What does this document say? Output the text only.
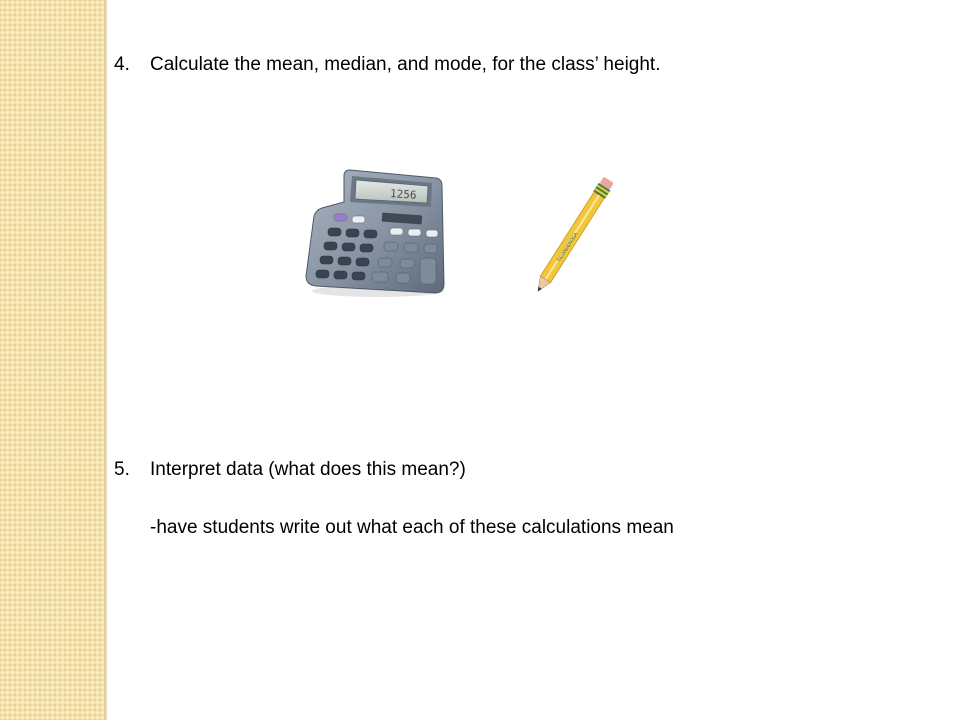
4. Calculate the mean, median, and mode, for the class’ height.
1256
TICONDEROGA
5. Interpret data (what does this mean?)
-have students write out what each of these calculations mean
